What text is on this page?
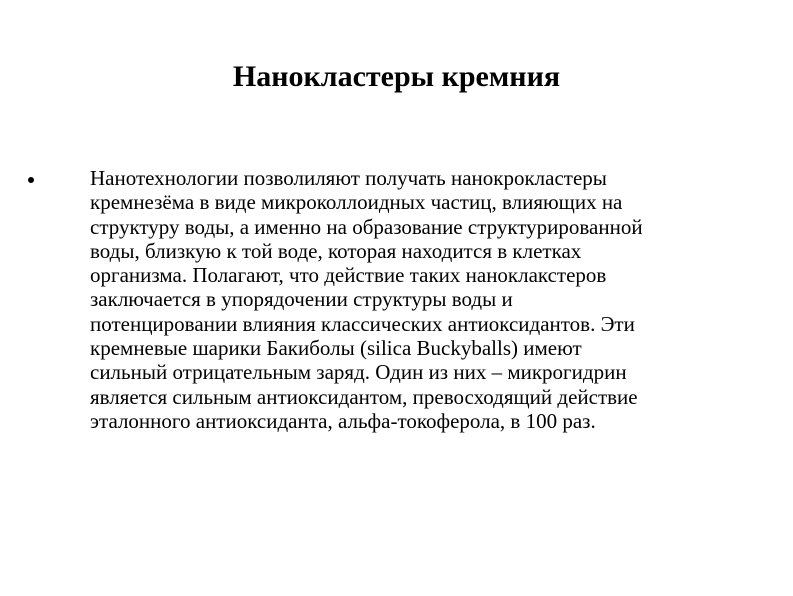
Нанокластеры кремния

Нанотехнологии позволиляют получать нанокрокластеры
кремнезёма в виде микроколлоидных частиц, влияющих на
структуру воды, а именно на образование структурированной
воды, близкую к той воде, которая находится в клетках
организма. Полагают, что действие таких наноклакстеров
заключается в упорядочении структуры воды и
потенцировании влияния классических антиоксидантов. Эти
кремневые шарики Бакиболы (silica Buckyballs) имеют
сильный отрицательным заряд. Один из них – микрогидрин
является сильным антиоксидантом, превосходящий действие
эталонного антиоксиданта, альфа-токоферола, в 100 раз.
